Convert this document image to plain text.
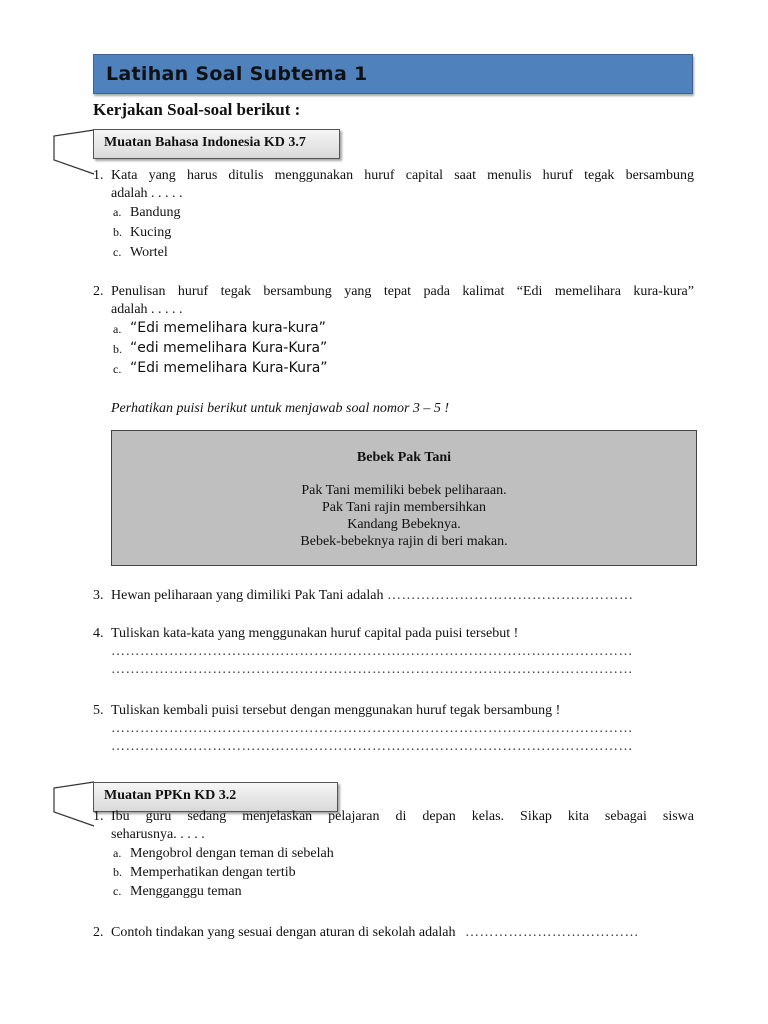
Latihan Soal Subtema 1
Kerjakan Soal-soal berikut :
Muatan Bahasa Indonesia KD 3.7
1. Kata yang harus ditulis menggunakan huruf capital saat menulis huruf tegak bersambung
adalah . . . . .
a. Bandung
b. Kucing
c. Wortel
2. Penulisan huruf tegak bersambung yang tepat pada kalimat “Edi memelihara kura-kura”
adalah . . . . .
a. “Edi memelihara kura-kura”
b. “edi memelihara Kura-Kura”
c. “Edi memelihara Kura-Kura”
Perhatikan puisi berikut untuk menjawab soal nomor 3 – 5 !
Bebek Pak Tani
Pak Tani memiliki bebek peliharaan.
Pak Tani rajin membersihkan
Kandang Bebeknya.
Bebek-bebeknya rajin di beri makan.
3. Hewan peliharaan yang dimiliki Pak Tani adalah ……………………………………………
4. Tuliskan kata-kata yang menggunakan huruf capital pada puisi tersebut !
………………………………………………………………………………………………
………………………………………………………………………………………………
5. Tuliskan kembali puisi tersebut dengan menggunakan huruf tegak bersambung !
………………………………………………………………………………………………
………………………………………………………………………………………………
Muatan PPKn KD 3.2
1. Ibu guru sedang menjelaskan pelajaran di depan kelas. Sikap kita sebagai siswa
seharusnya. . . . .
a. Mengobrol dengan teman di sebelah
b. Memperhatikan dengan tertib
c. Mengganggu teman
2. Contoh tindakan yang sesuai dengan aturan di sekolah adalah ………………………………
